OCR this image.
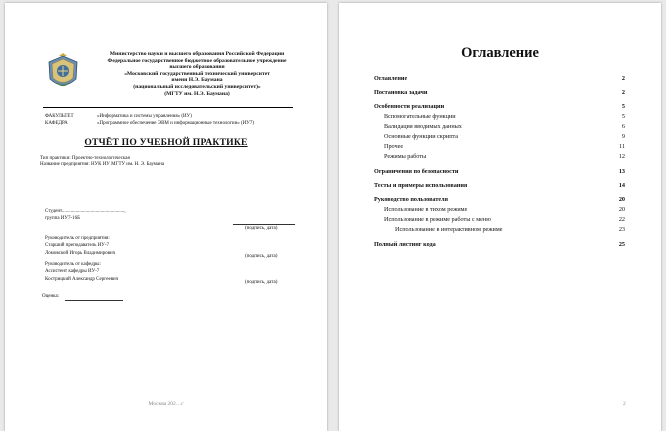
Министерство науки и высшего образования Российской Федерации
Федеральное государственное бюджетное образовательное учреждение
высшего образования
«Московский государственный технический университет
имени Н.Э. Баумана
(национальный исследовательский университет)»
(МГТУ им. Н.Э. Баумана)
ФАКУЛЬТЕТ	«Информатика и системы управления» (ИУ)
КАФЕДРА	«Программное обеспечение ЭВМ и информационные технологии» (ИУ7)
ОТЧЁТ ПО УЧЕБНОЙ ПРАКТИКЕ
Тип практики: Проектно-технологическая
Название предприятия: НУК ИУ МГТУ им. Н. Э. Баумана
Студент..................................................,
группа ИУ7-16Б
(подпись, дата)
Руководитель от предприятия:
Старший преподаватель ИУ-7
Ломовской Игорь Владимирович
(подпись, дата)
Руководитель от кафедры:
Ассистент кафедры ИУ-7
Кострицкий Александр Сергеевич
(подпись, дата)
Оценка:
Москва 202…г
Оглавление
Оглавление	2
Постановка задачи	2
Особенности реализации	5
Вспомогательные функции	5
Валидация вводимых данных	6
Основные функции скрипта	9
Прочее	11
Режимы работы	12
Ограничения по безопасности	13
Тесты и примеры использования	14
Руководство пользователя	20
Использование в тихом режиме	20
Использование в режиме работы с меню	22
Использование в интерактивном режиме	23
Полный листинг кода	25
2
